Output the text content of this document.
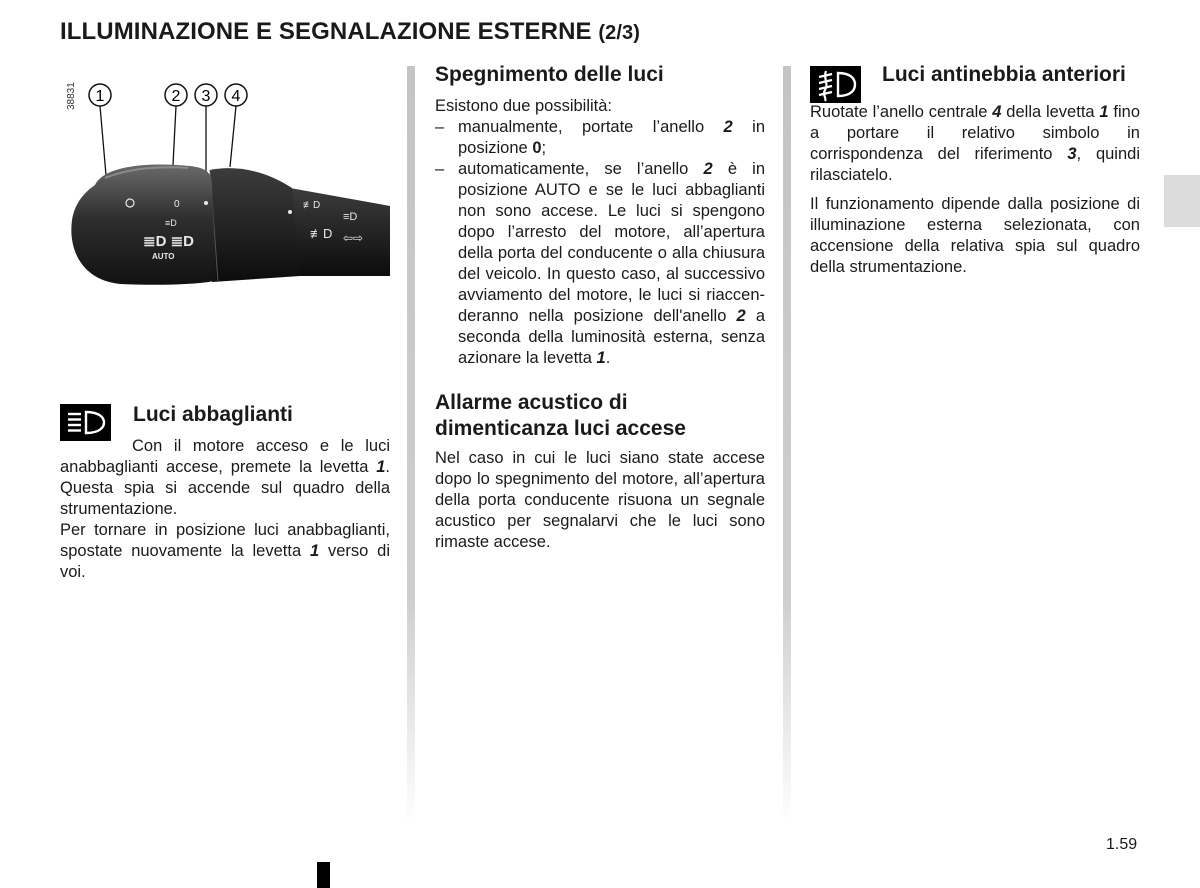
ILLUMINAZIONE E SEGNALAZIONE ESTERNE (2/3)
38831 1	2 3 4
0
≡D
≣D ≣D
AUTO
≢D
≡D
≢D ⇦⇨
Luci abbaglianti

Con il motore acceso e le luci anabbaglianti accese, premete la levetta 1. Questa spia si accende sul quadro della strumentazione.

Per tornare in posizione luci anabbaglianti, spostate nuovamente la levetta 1 verso di voi.

Spegnimento delle luci

Esistono due possibilità:

– manualmente, portate l’anello 2 in posizione 0;
– automaticamente, se l’anello 2 è in posizione AUTO e se le luci abbaglianti non sono accese. Le luci si spengono dopo l’arresto del motore, all’apertura della porta del conducente o alla chiusura del veicolo. In questo caso, al successivo avviamento del motore, le luci si riaccenderanno nella posizione dell'anello 2 a seconda della luminosità esterna, senza azionare la levetta 1.
Allarme acustico di dimenticanza luci accese

Nel caso in cui le luci siano state accese dopo lo spegnimento del motore, all’apertura della porta conducente risuona un segnale acustico per segnalarvi che le luci sono rimaste accese.

Luci antinebbia anteriori

Ruotate l’anello centrale 4 della levetta 1 fino a portare il relativo simbolo in corrispondenza del riferimento 3, quindi rilasciatelo.

Il funzionamento dipende dalla posizione di illuminazione esterna selezionata, con accensione della relativa spia sul quadro della strumentazione.

1.59
